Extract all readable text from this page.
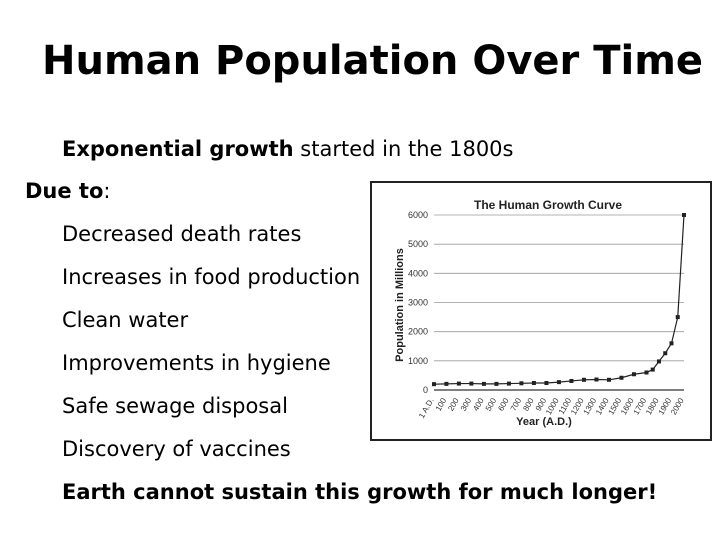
Human Population Over Time
Exponential growth started in the 1800s
Due to:
Decreased death rates
Increases in food production
Clean water
Improvements in hygiene
Safe sewage disposal
Discovery of vaccines
Earth cannot sustain this growth for much longer!
The Human Growth Curve
Population in Millions
Year (A.D.)
0
1000
2000
3000
4000
5000
6000
1 A.D.
100
200
300
400
500
600
700
800
900
1000
1100
1200
1300
1400
1500
1600
1700
1800
1900
2000
